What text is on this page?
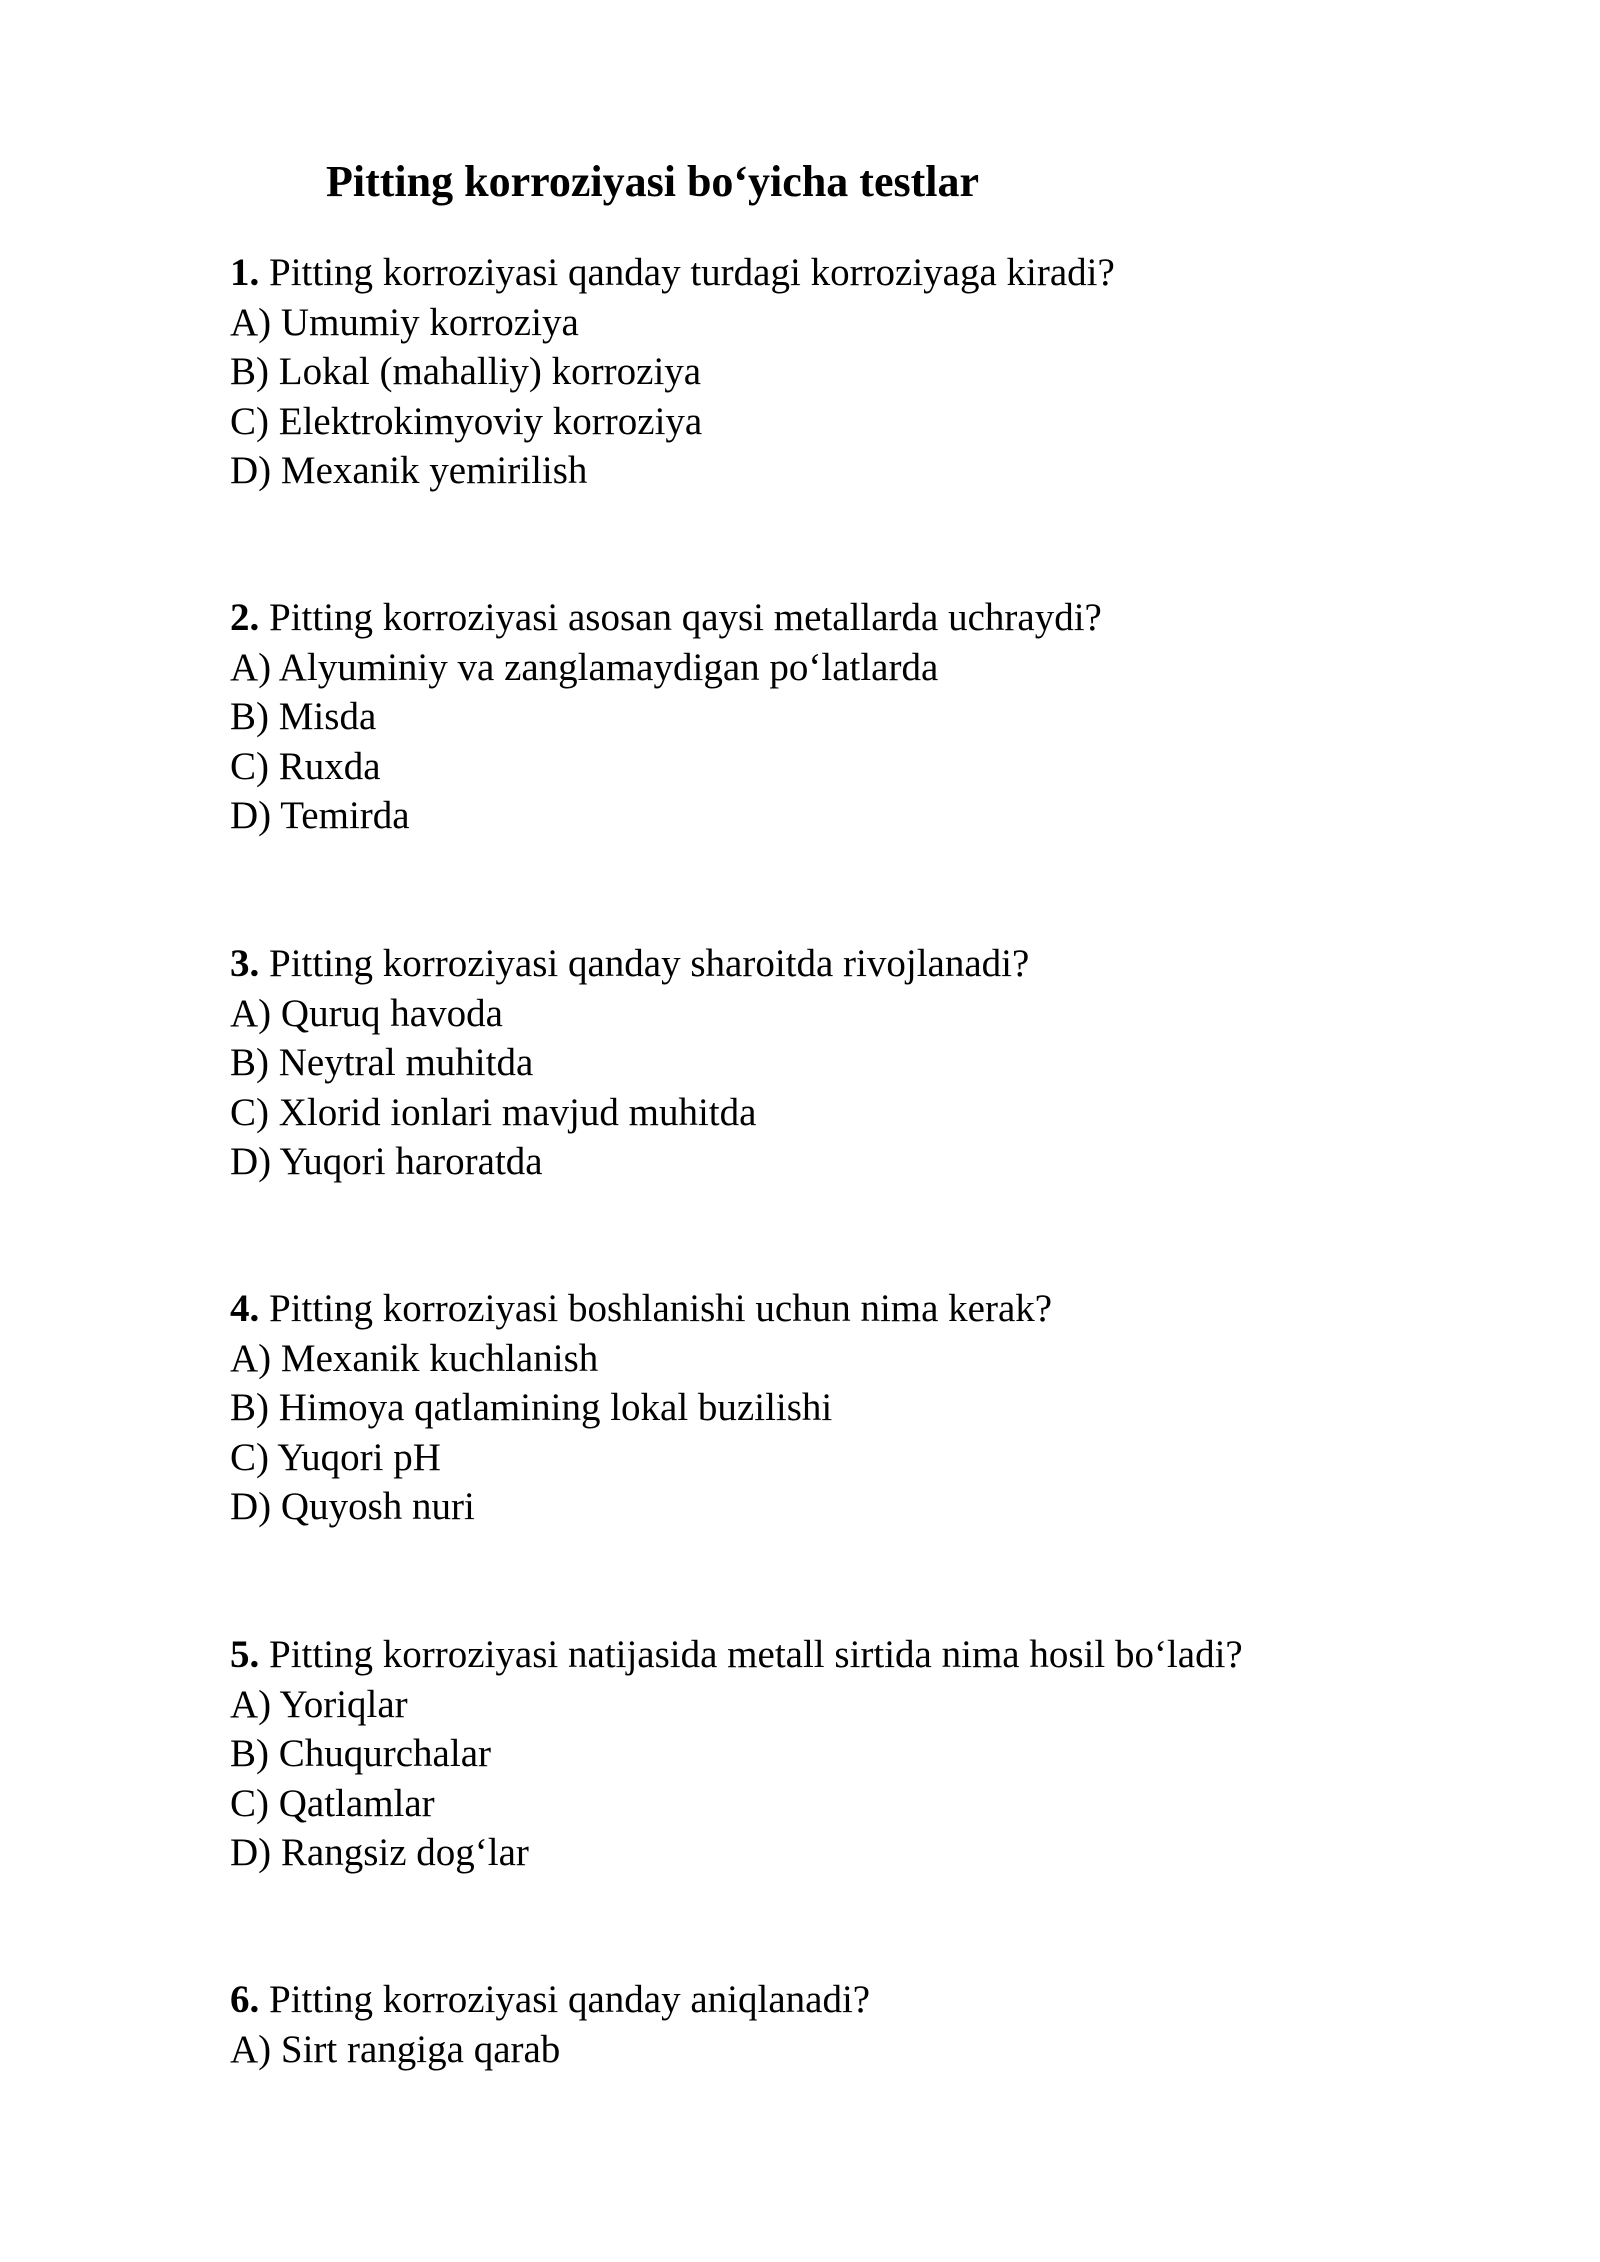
Pitting korroziyasi bo‘yicha testlar
1. Pitting korroziyasi qanday turdagi korroziyaga kiradi?
A) Umumiy korroziya
B) Lokal (mahalliy) korroziya
C) Elektrokimyoviy korroziya
D) Mexanik yemirilish
2. Pitting korroziyasi asosan qaysi metallarda uchraydi?
A) Alyuminiy va zanglamaydigan po‘latlarda
B) Misda
C) Ruxda
D) Temirda
3. Pitting korroziyasi qanday sharoitda rivojlanadi?
A) Quruq havoda
B) Neytral muhitda
C) Xlorid ionlari mavjud muhitda
D) Yuqori haroratda
4. Pitting korroziyasi boshlanishi uchun nima kerak?
A) Mexanik kuchlanish
B) Himoya qatlamining lokal buzilishi
C) Yuqori pH
D) Quyosh nuri
5. Pitting korroziyasi natijasida metall sirtida nima hosil bo‘ladi?
A) Yoriqlar
B) Chuqurchalar
C) Qatlamlar
D) Rangsiz dog‘lar
6. Pitting korroziyasi qanday aniqlanadi?
A) Sirt rangiga qarab
